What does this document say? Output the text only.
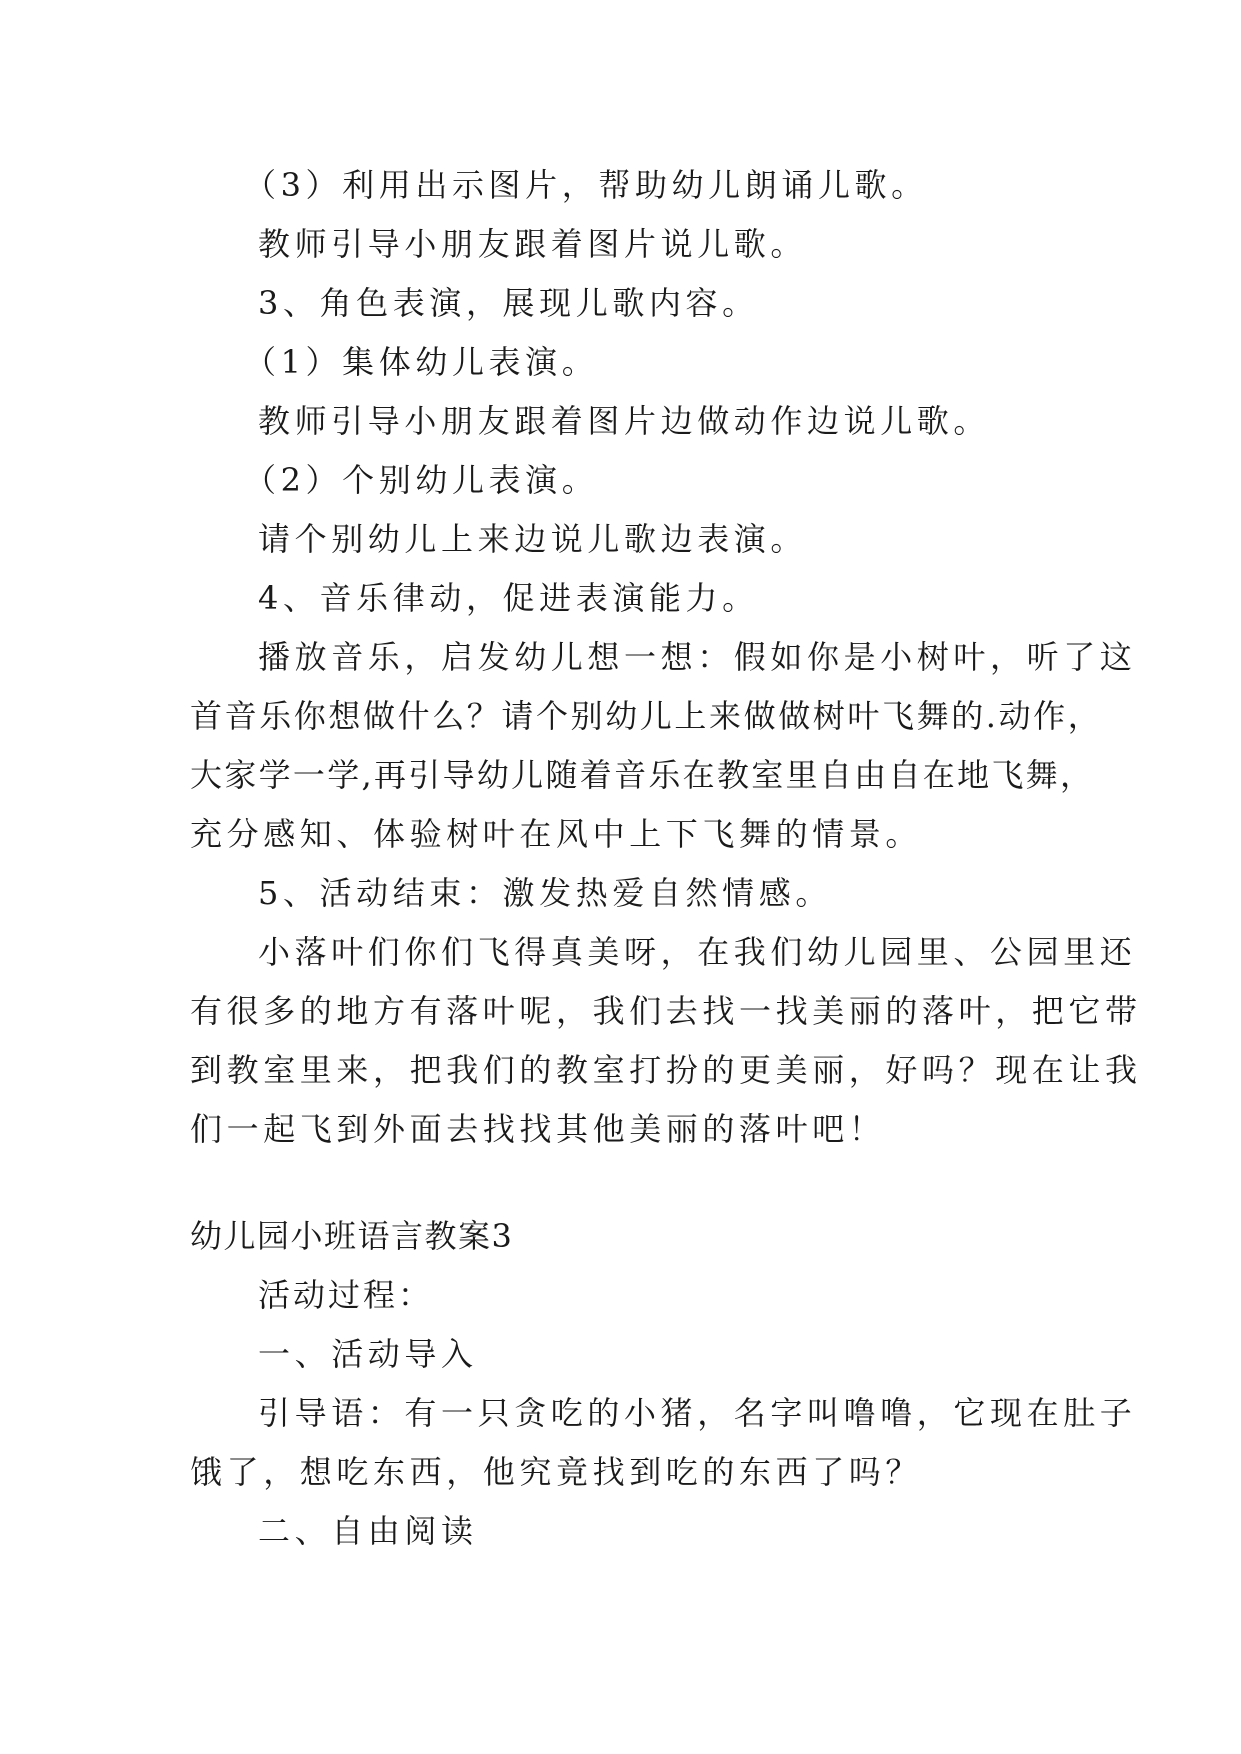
（3）利用出示图片，帮助幼儿朗诵儿歌。

教师引导小朋友跟着图片说儿歌。

3、角色表演，展现儿歌内容。

（1）集体幼儿表演。

教师引导小朋友跟着图片边做动作边说儿歌。

（2）个别幼儿表演。

请个别幼儿上来边说儿歌边表演。

4、音乐律动，促进表演能力。

播放音乐，启发幼儿想一想：假如你是小树叶，听了这

首音乐你想做什么？请个别幼儿上来做做树叶飞舞的.动作，

大家学一学,再引导幼儿随着音乐在教室里自由自在地飞舞，

充分感知、体验树叶在风中上下飞舞的情景。

5、活动结束：激发热爱自然情感。

小落叶们你们飞得真美呀，在我们幼儿园里、公园里还

有很多的地方有落叶呢，我们去找一找美丽的落叶，把它带

到教室里来，把我们的教室打扮的更美丽，好吗？现在让我

们一起飞到外面去找找其他美丽的落叶吧！

幼儿园小班语言教案3

活动过程：

一、活动导入

引导语：有一只贪吃的小猪，名字叫噜噜，它现在肚子

饿了，想吃东西，他究竟找到吃的东西了吗？

二、自由阅读
